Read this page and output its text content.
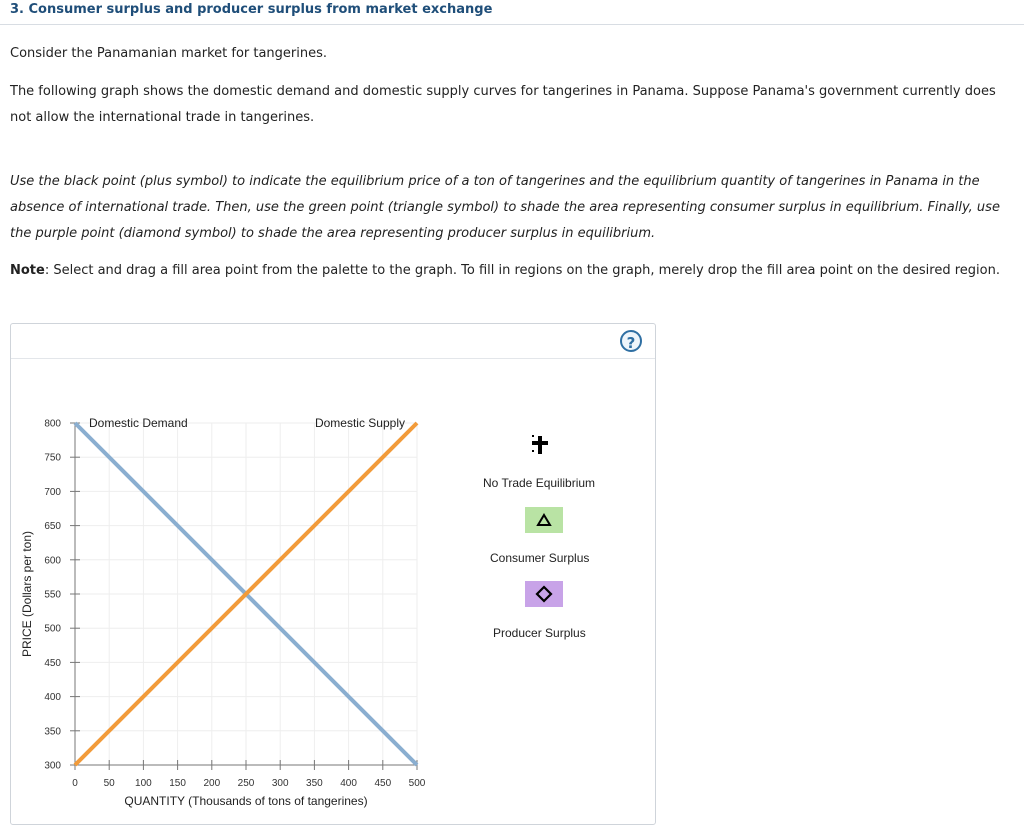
3. Consumer surplus and producer surplus from market exchange
Consider the Panamanian market for tangerines.
The following graph shows the domestic demand and domestic supply curves for tangerines in Panama. Suppose Panama's government currently does not allow the international trade in tangerines.
Use the black point (plus symbol) to indicate the equilibrium price of a ton of tangerines and the equilibrium quantity of tangerines in Panama in the absence of international trade. Then, use the green point (triangle symbol) to shade the area representing consumer surplus in equilibrium. Finally, use the purple point (diamond symbol) to shade the area representing producer surplus in equilibrium.
Note: Select and drag a fill area point from the palette to the graph. To fill in regions on the graph, merely drop the fill area point on the desired region.
?
300
350
400
450
500
550
600
650
700
750
800
0	50 100 150 200 250 300 350 400 450 500
QUANTITY (Thousands of tons of tangerines)
PRICE (Dollars per ton)
Domestic Demand	Domestic Supply
No Trade Equilibrium
Consumer Surplus
Producer Surplus
